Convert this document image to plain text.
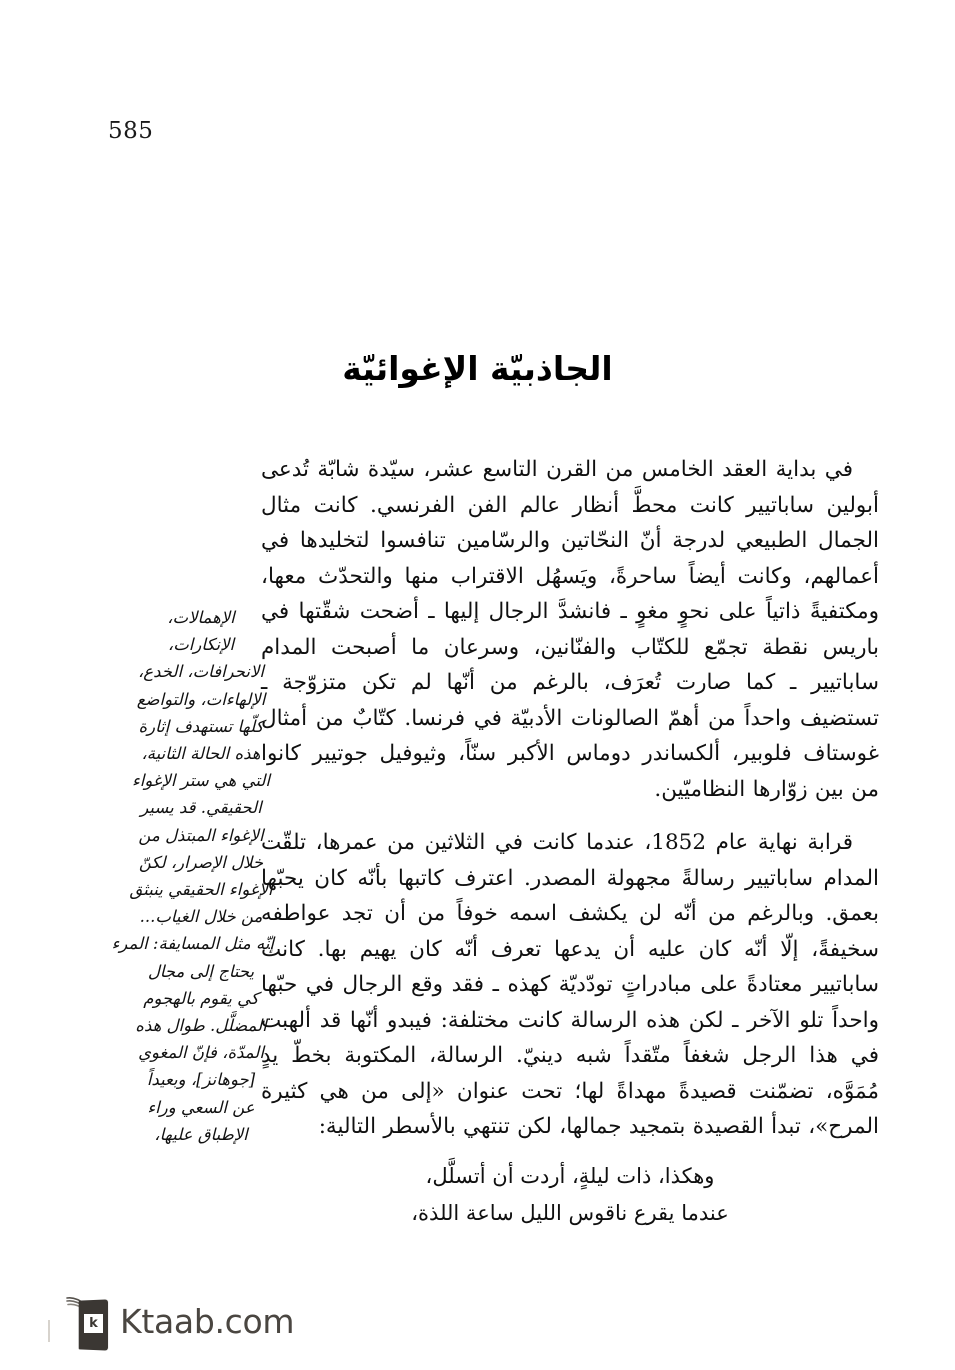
585
الجاذبيّة الإغوائيّة

في بداية العقد الخامس من القرن التاسع عشر، سيّدة شابّة تُدعى أبولين ساباتيير كانت محطَّ أنظار عالم الفن الفرنسي. كانت مثال الجمال الطبيعي لدرجة أنّ النحّاتين والرسّامين تنافسوا لتخليدها في أعمالهم، وكانت أيضاً ساحرةً، ويَسهُل الاقتراب منها والتحدّث معها، ومكتفيةً ذاتياً على نحوٍ مغوٍ ـ فانشدَّ الرجال إليها ـ أضحت شقّتها في باريس نقطة تجمّع للكتّاب والفنّانين، وسرعان ما أصبحت المدام ساباتيير ـ كما صارت تُعرَف، بالرغم من أنّها لم تكن متزوّجة ـ تستضيف واحداً من أهمّ الصالونات الأدبيّة في فرنسا. كتّابٌ من أمثال غوستاف فلوبير، ألكساندر دوماس الأكبر سنّاً، وثيوفيل جوتيير كانوا من بين زوّارها النظاميّين.

قرابة نهاية عام 1852، عندما كانت في الثلاثين من عمرها، تلقّت المدام ساباتيير رسالةً مجهولة المصدر. اعترف كاتبها بأنّه كان يحبّها بعمق. وبالرغم من أنّه لن يكشف اسمه خوفاً من أن تجد عواطفه سخيفةً، إلّا أنّه كان عليه أن يدعها تعرف أنّه كان يهيم بها. كانت ساباتيير معتادةً على مبادراتٍ تودّديّة كهذه ـ فقد وقع الرجال في حبّها واحداً تلو الآخر ـ لكن هذه الرسالة كانت مختلفة: فيبدو أنّها قد ألهبت في هذا الرجل شغفاً متّقداً شبه دينيّ. الرسالة، المكتوبة بخطّ يدٍ مُمَوَّه، تضمّنت قصيدةً مهداةً لها؛ تحت عنوان «إلى من هي كثيرة المرح»، تبدأ القصيدة بتمجيد جمالها، لكن تنتهي بالأسطر التالية:

وهكذا، ذات ليلةٍ، أردت أن أتسلَّل،
عندما يقرع ناقوس الليل ساعة اللذة،
الإهمالات،
الإنكارات،
الانحرافات، الخدع،
الإلهاءات، والتواضع
كلّها تستهدف إثارة
هذه الحالة الثانية،
التي هي ستر الإغواء
الحقيقي. قد يسير
الإغواء المبتذل من
خلال الإصرار، لكنّ
الإغواء الحقيقي ينبثق
من خلال الغياب...
إنّه مثل المسايفة: المرء
يحتاج إلى مجال
كي يقوم بالهجوم
المضلَّل. طوال هذه
المدّة، فإنّ المغوي
[جوهانز]، وبعيداً
عن السعي وراء
الإطباق عليها،
k Ktaab.com
